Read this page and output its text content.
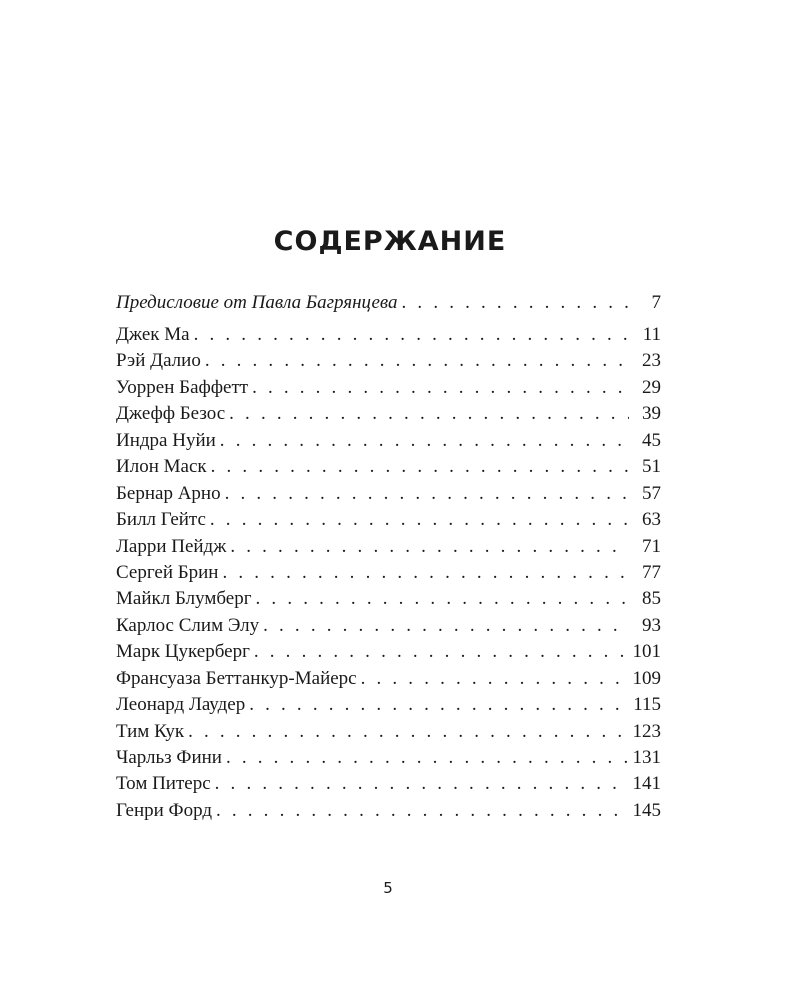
СОДЕРЖАНИЕ
Предисловие от Павла Багрянцева . . .	7
Джек Ма . . .	11
Рэй Далио . . .	23
Уоррен Баффетт . . .	29
Джефф Безос . . .	39
Индра Нуйи . . .	45
Илон Маск . . .	51
Бернар Арно . . .	57
Билл Гейтс . . .	63
Ларри Пейдж . . .	71
Сергей Брин . . .	77
Майкл Блумберг . . .	85
Карлос Слим Элу . . .	93
Марк Цукерберг . . .	101
Франсуаза Беттанкур-Майерс . . .	109
Леонард Лаудер . . .	115
Тим Кук . . .	123
Чарльз Фини . . .	131
Том Питерс . . .	141
Генри Форд . . .	145
5
